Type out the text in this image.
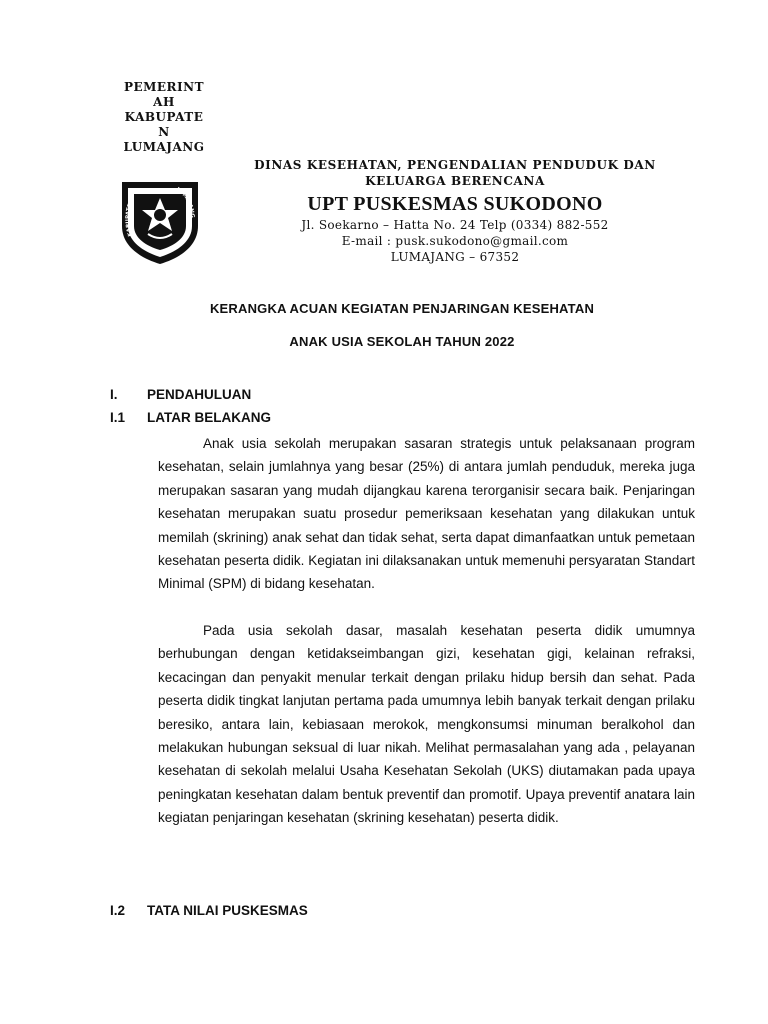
PEMERINT
AH
KABUPATE
N
LUMAJANG
KABUPATEN
LUMAJANG
DINAS KESEHATAN, PENGENDALIAN PENDUDUK DAN
KELUARGA BERENCANA
UPT PUSKESMAS SUKODONO
Jl. Soekarno – Hatta No. 24 Telp (0334) 882-552
E-mail : pusk.sukodono@gmail.com
LUMAJANG – 67352
KERANGKA ACUAN KEGIATAN PENJARINGAN KESEHATAN
ANAK USIA SEKOLAH TAHUN 2022
I. PENDAHULUAN
I.1 LATAR BELAKANG

Anak usia sekolah merupakan sasaran strategis untuk pelaksanaan program kesehatan, selain jumlahnya yang besar (25%) di antara jumlah penduduk, mereka juga merupakan sasaran yang mudah dijangkau karena terorganisir secara baik. Penjaringan kesehatan merupakan suatu prosedur pemeriksaan kesehatan yang dilakukan untuk memilah (skrining) anak sehat dan tidak sehat, serta dapat dimanfaatkan untuk pemetaan kesehatan peserta didik. Kegiatan ini dilaksanakan untuk memenuhi persyaratan Standart Minimal (SPM) di bidang kesehatan.

Pada usia sekolah dasar, masalah kesehatan peserta didik umumnya berhubungan dengan ketidakseimbangan gizi, kesehatan gigi, kelainan refraksi, kecacingan dan penyakit menular terkait dengan prilaku hidup bersih dan sehat. Pada peserta didik tingkat lanjutan pertama pada umumnya lebih banyak terkait dengan prilaku beresiko, antara lain, kebiasaan merokok, mengkonsumsi minuman beralkohol dan melakukan hubungan seksual di luar nikah. Melihat permasalahan yang ada , pelayanan kesehatan di sekolah melalui Usaha Kesehatan Sekolah (UKS) diutamakan pada upaya peningkatan kesehatan dalam bentuk preventif dan promotif. Upaya preventif anatara lain kegiatan penjaringan kesehatan (skrining kesehatan) peserta didik.

I.2 TATA NILAI PUSKESMAS
